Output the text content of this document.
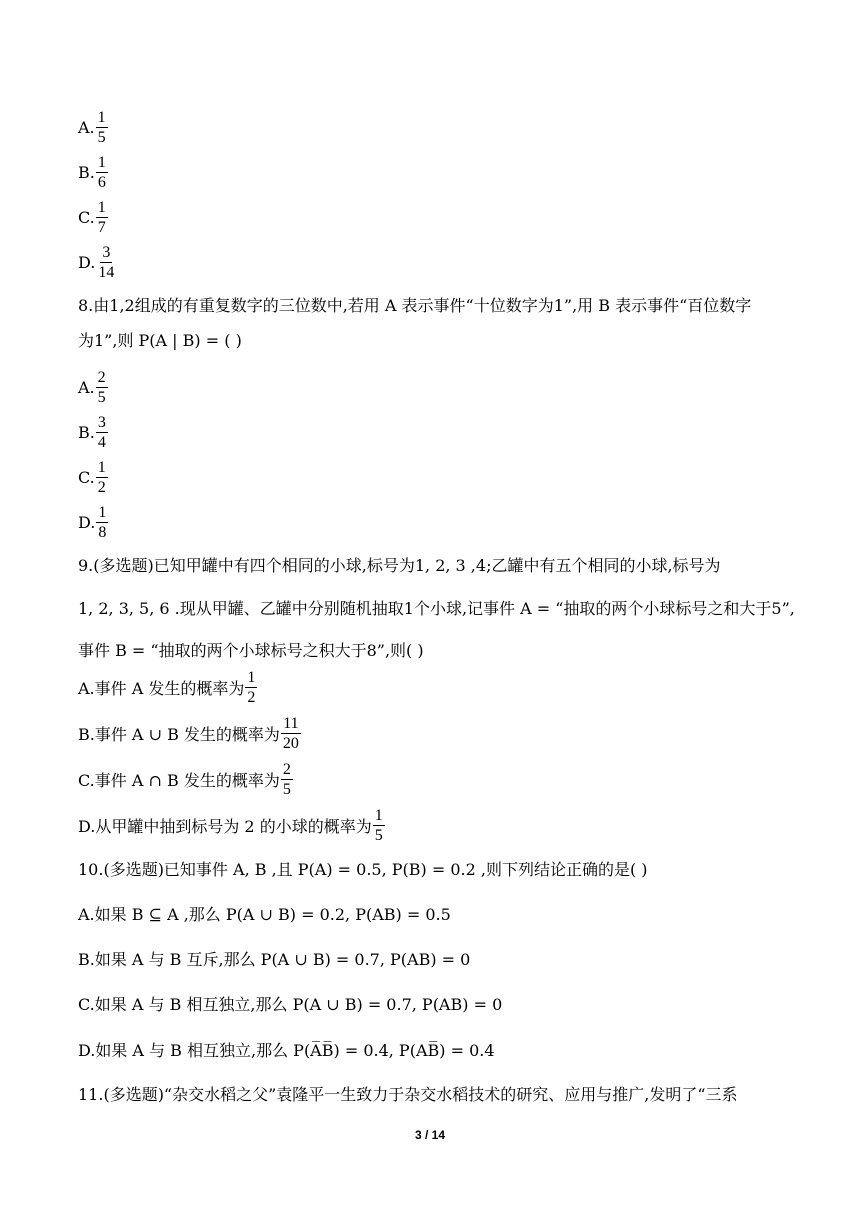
A. $\frac{1}{5}$
B. $\frac{1}{6}$
C. $\frac{1}{7}$
D. $\frac{3}{14}$
8.由1,2组成的有重复数字的三位数中,若用 A 表示事件“十位数字为1”,用 B 表示事件“百位数字
为1”,则 P(A | B) = ( )
A. $\frac{2}{5}$
B. $\frac{3}{4}$
C. $\frac{1}{2}$
D. $\frac{1}{8}$
9.(多选题)已知甲罐中有四个相同的小球,标号为1, 2, 3 ,4;乙罐中有五个相同的小球,标号为
1, 2, 3, 5, 6 .现从甲罐、乙罐中分别随机抽取1个小球,记事件 A = “抽取的两个小球标号之和大于5”,
事件 B = “抽取的两个小球标号之积大于8”,则( )
A.事件 A 发生的概率为 $\frac{1}{2}$
B.事件 A ∪ B 发生的概率为 $\frac{11}{20}$
C.事件 A ∩ B 发生的概率为 $\frac{2}{5}$
D.从甲罐中抽到标号为 2 的小球的概率为 $\frac{1}{5}$
10.(多选题)已知事件 A, B ,且 P(A) = 0.5, P(B) = 0.2 ,则下列结论正确的是( )
A.如果 B ⊆ A ,那么 P(A ∪ B) = 0.2, P(AB) = 0.5
B.如果 A 与 B 互斥,那么 P(A ∪ B) = 0.7, P(AB) = 0
C.如果 A 与 B 相互独立,那么 P(A ∪ B) = 0.7, P(AB) = 0
D.如果 A 与 B 相互独立,那么 P(A̅B̅) = 0.4, P(AB̅) = 0.4
11.(多选题)“杂交水稻之父”袁隆平一生致力于杂交水稻技术的研究、应用与推广,发明了“三系
3 / 14
